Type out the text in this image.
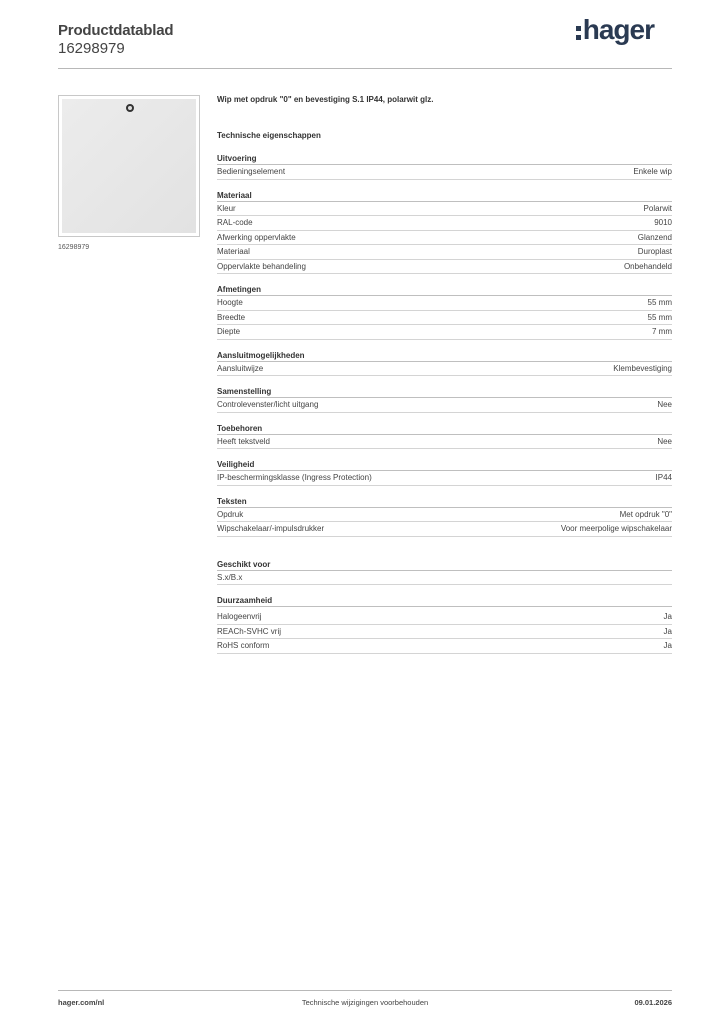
Productdatablad
16298979
hager
16298979
Wip met opdruk "0" en bevestiging S.1 IP44, polarwit glz.
Technische eigenschappen
Uitvoering
Bedieningselement	Enkele wip
Materiaal
Kleur	Polarwit
RAL-code	9010
Afwerking oppervlakte	Glanzend
Materiaal	Duroplast
Oppervlakte behandeling	Onbehandeld
Afmetingen
Hoogte	55 mm
Breedte	55 mm
Diepte	7 mm
Aansluitmogelijkheden
Aansluitwijze	Klembevestiging
Samenstelling
Controlevenster/licht uitgang	Nee
Toebehoren
Heeft tekstveld	Nee
Veiligheid
IP-beschermingsklasse (Ingress Protection)	IP44
Teksten
Opdruk	Met opdruk "0"
Wipschakelaar/-impulsdrukker	Voor meerpolige wipschakelaar
Geschikt voor
S.x/B.x
Duurzaamheid
Halogeenvrij	Ja
REACh-SVHC vrij	Ja
RoHS conform	Ja
hager.com/nl	Technische wijzigingen voorbehouden	09.01.2026
